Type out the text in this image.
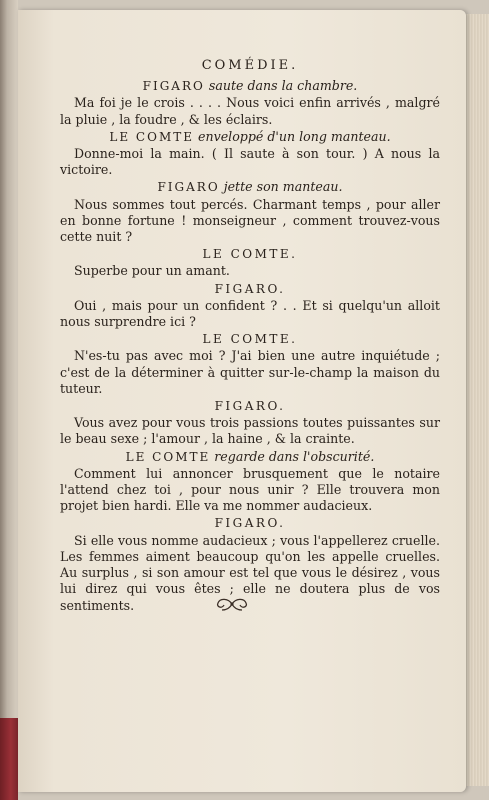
COMÉDIE.
FIGARO saute dans la chambre.

Ma foi je le crois . . . . Nous voici enfin arrivés , malgré la pluie , la foudre , & les éclairs.

LE COMTE enveloppé d'un long manteau.

Donne-moi la main. ( Il saute à son tour. ) A nous la victoire.

FIGARO jette son manteau.

Nous sommes tout percés. Charmant temps , pour aller en bonne fortune ! monseigneur , comment trouvez-vous cette nuit ?

LE COMTE.

Superbe pour un amant.

FIGARO.

Oui , mais pour un confident ? . . Et si quelqu'un alloit nous surprendre ici ?

LE COMTE.

N'es-tu pas avec moi ? J'ai bien une autre inquiétude ; c'est de la déterminer à quitter sur-le-champ la maison du tuteur.

FIGARO.

Vous avez pour vous trois passions toutes puissantes sur le beau sexe ; l'amour , la haine , & la crainte.

LE COMTE regarde dans l'obscurité.

Comment lui annoncer brusquement que le notaire l'attend chez toi , pour nous unir ? Elle trouvera mon projet bien hardi. Elle va me nommer audacieux.

FIGARO.

Si elle vous nomme audacieux ; vous l'appellerez cruelle. Les femmes aiment beaucoup qu'on les appelle cruelles. Au surplus , si son amour est tel que vous le désirez , vous lui direz qui vous êtes ; elle ne doutera plus de vos sentiments.
